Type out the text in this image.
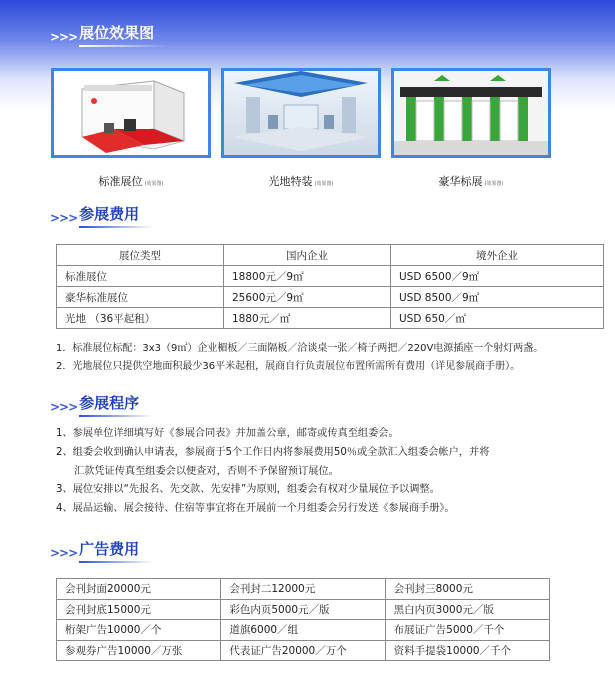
>>> 展位效果图
标准展位 (效果图)	光地特装 (效果图)	豪华标展 (效果图)
>>> 参展费用
展位类型	国内企业	境外企业
标准展位	18800元／9㎡	USD 6500／9㎡
豪华标准展位	25600元／9㎡	USD 8500／9㎡
光地 （36平起租）	1880元／㎡	USD 650／㎡
1．标准展位标配：3x3（9㎡）企业楣板／三面隔板／洽谈桌一张／椅子两把／220V电源插座一个射灯两盏。
2．光地展位只提供空地面积最少36平米起租，展商自行负责展位布置所需所有费用（详见参展商手册）。
>>> 参展程序
1、参展单位详细填写好《参展合同表》并加盖公章，邮寄或传真至组委会。
2、组委会收到确认申请表，参展商于5个工作日内将参展费用50％或全款汇入组委会帐户，并将
汇款凭证传真至组委会以便查对，否则不予保留预订展位。
3、展位安排以“先报名、先交款、先安排”为原则，组委会有权对少量展位予以调整。
4、展品运输、展会接待、住宿等事宜将在开展前一个月组委会另行发送《参展商手册》。
>>> 广告费用
会刊封面20000元	会刊封二12000元	会刊封三8000元
会刊封底15000元	彩色内页5000元／版	黑白内页3000元／版
桁架广告10000／个	道旗6000／组	布展证广告5000／千个
参观券广告10000／万张	代表证广告20000／万个	资料手提袋10000／千个
